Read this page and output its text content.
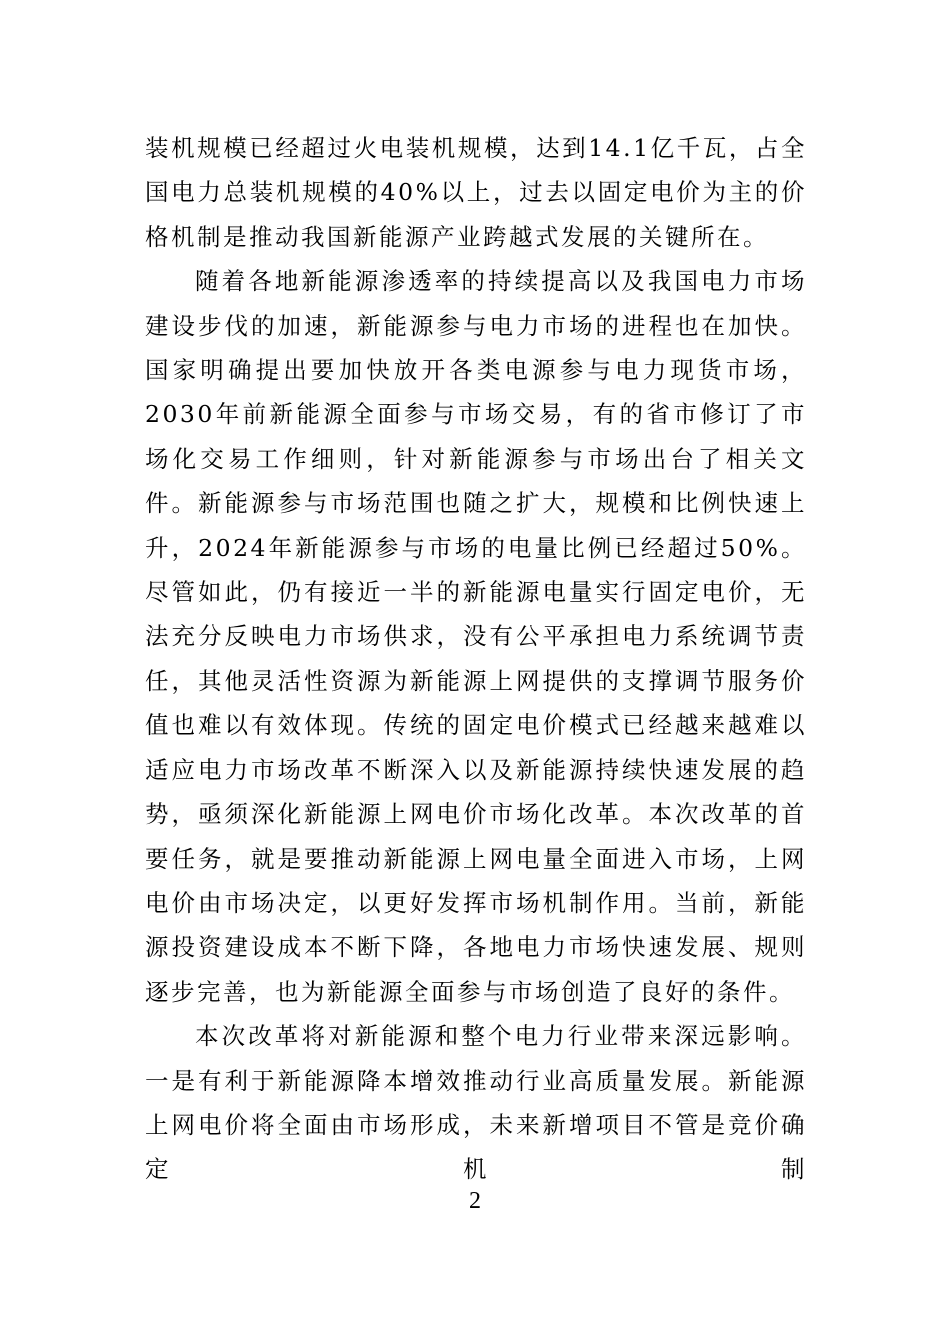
装机规模已经超过火电装机规模，达到14.1亿千瓦，占全国电力总装机规模的40%以上，过去以固定电价为主的价格机制是推动我国新能源产业跨越式发展的关键所在。

随着各地新能源渗透率的持续提高以及我国电力市场建设步伐的加速，新能源参与电力市场的进程也在加快。国家明确提出要加快放开各类电源参与电力现货市场，2030年前新能源全面参与市场交易，有的省市修订了市场化交易工作细则，针对新能源参与市场出台了相关文件。新能源参与市场范围也随之扩大，规模和比例快速上升，2024年新能源参与市场的电量比例已经超过50%。尽管如此，仍有接近一半的新能源电量实行固定电价，无法充分反映电力市场供求，没有公平承担电力系统调节责任，其他灵活性资源为新能源上网提供的支撑调节服务价值也难以有效体现。传统的固定电价模式已经越来越难以适应电力市场改革不断深入以及新能源持续快速发展的趋势，亟须深化新能源上网电价市场化改革。本次改革的首要任务，就是要推动新能源上网电量全面进入市场，上网电价由市场决定，以更好发挥市场机制作用。当前，新能源投资建设成本不断下降，各地电力市场快速发展、规则逐步完善，也为新能源全面参与市场创造了良好的条件。

本次改革将对新能源和整个电力行业带来深远影响。一是有利于新能源降本增效推动行业高质量发展。新能源上网电价将全面由市场形成，未来新增项目不管是竞价确定机制

2
